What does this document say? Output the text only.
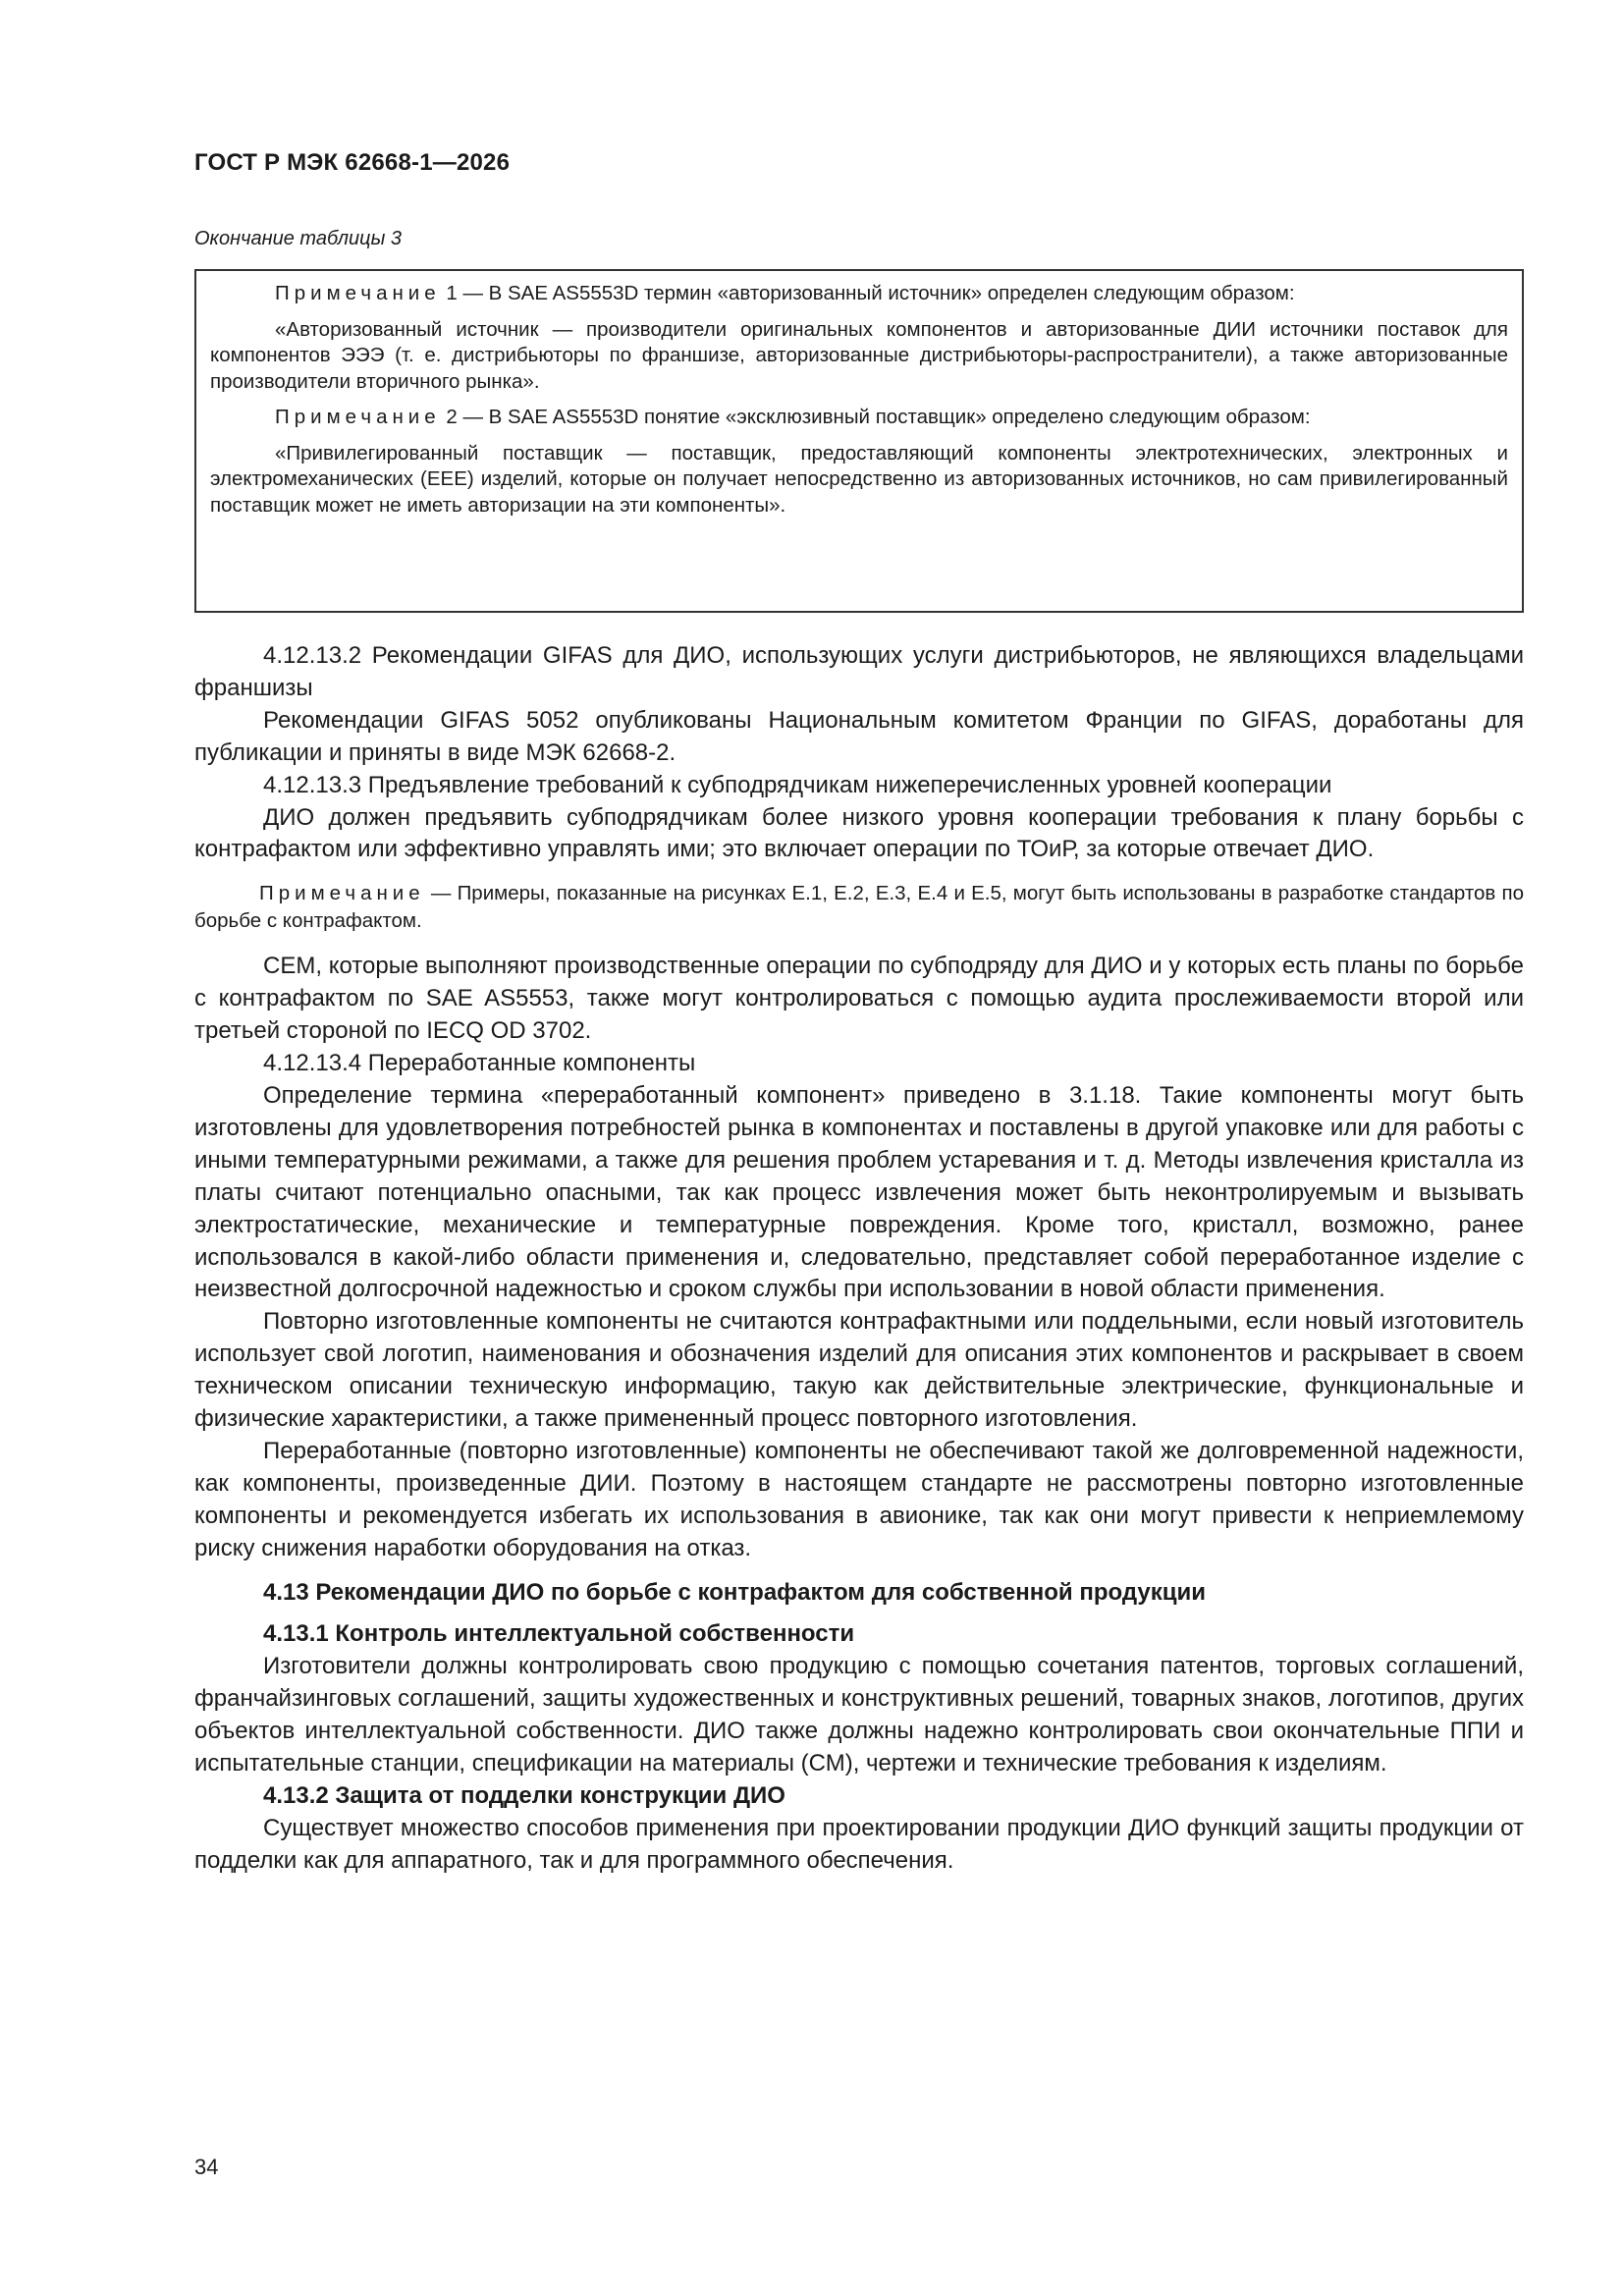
ГОСТ Р МЭК 62668-1—2026
Окончание таблицы 3

Примечание 1 — В SAE AS5553D термин «авторизованный источник» определен следующим образом:

«Авторизованный источник — производители оригинальных компонентов и авторизованные ДИИ источники поставок для компонентов ЭЭЭ (т. е. дистрибьюторы по франшизе, авторизованные дистрибьюторы-распространители), а также авторизованные производители вторичного рынка».

Примечание 2 — В SAE AS5553D понятие «эксклюзивный поставщик» определено следующим образом:

«Привилегированный поставщик — поставщик, предоставляющий компоненты электротехнических, электронных и электромеханических (ЕЕЕ) изделий, которые он получает непосредственно из авторизованных источников, но сам привилегированный поставщик может не иметь авторизации на эти компоненты».

4.12.13.2 Рекомендации GIFAS для ДИО, использующих услуги дистрибьюторов, не являющихся владельцами франшизы

Рекомендации GIFAS 5052 опубликованы Национальным комитетом Франции по GIFAS, доработаны для публикации и приняты в виде МЭК 62668-2.

4.12.13.3 Предъявление требований к субподрядчикам нижеперечисленных уровней кооперации

ДИО должен предъявить субподрядчикам более низкого уровня кооперации требования к плану борьбы с контрафактом или эффективно управлять ими; это включает операции по ТОиР, за которые отвечает ДИО.

Примечание — Примеры, показанные на рисунках Е.1, Е.2, Е.3, Е.4 и Е.5, могут быть использованы в разработке стандартов по борьбе с контрафактом.

СЕМ, которые выполняют производственные операции по субподряду для ДИО и у которых есть планы по борьбе с контрафактом по SAE AS5553, также могут контролироваться с помощью аудита прослеживаемости второй или третьей стороной по IECQ OD 3702.

4.12.13.4 Переработанные компоненты

Определение термина «переработанный компонент» приведено в 3.1.18. Такие компоненты могут быть изготовлены для удовлетворения потребностей рынка в компонентах и поставлены в другой упаковке или для работы с иными температурными режимами, а также для решения проблем устаревания и т. д. Методы извлечения кристалла из платы считают потенциально опасными, так как процесс извлечения может быть неконтролируемым и вызывать электростатические, механические и температурные повреждения. Кроме того, кристалл, возможно, ранее использовался в какой-либо области применения и, следовательно, представляет собой переработанное изделие с неизвестной долгосрочной надежностью и сроком службы при использовании в новой области применения.

Повторно изготовленные компоненты не считаются контрафактными или поддельными, если новый изготовитель использует свой логотип, наименования и обозначения изделий для описания этих компонентов и раскрывает в своем техническом описании техническую информацию, такую как действительные электрические, функциональные и физические характеристики, а также примененный процесс повторного изготовления.

Переработанные (повторно изготовленные) компоненты не обеспечивают такой же долговременной надежности, как компоненты, произведенные ДИИ. Поэтому в настоящем стандарте не рассмотрены повторно изготовленные компоненты и рекомендуется избегать их использования в авионике, так как они могут привести к неприемлемому риску снижения наработки оборудования на отказ.

4.13 Рекомендации ДИО по борьбе с контрафактом для собственной продукции
4.13.1 Контроль интеллектуальной собственности

Изготовители должны контролировать свою продукцию с помощью сочетания патентов, торговых соглашений, франчайзинговых соглашений, защиты художественных и конструктивных решений, товарных знаков, логотипов, других объектов интеллектуальной собственности. ДИО также должны надежно контролировать свои окончательные ППИ и испытательные станции, спецификации на материалы (СМ), чертежи и технические требования к изделиям.

4.13.2 Защита от подделки конструкции ДИО

Существует множество способов применения при проектировании продукции ДИО функций защиты продукции от подделки как для аппаратного, так и для программного обеспечения.

34
